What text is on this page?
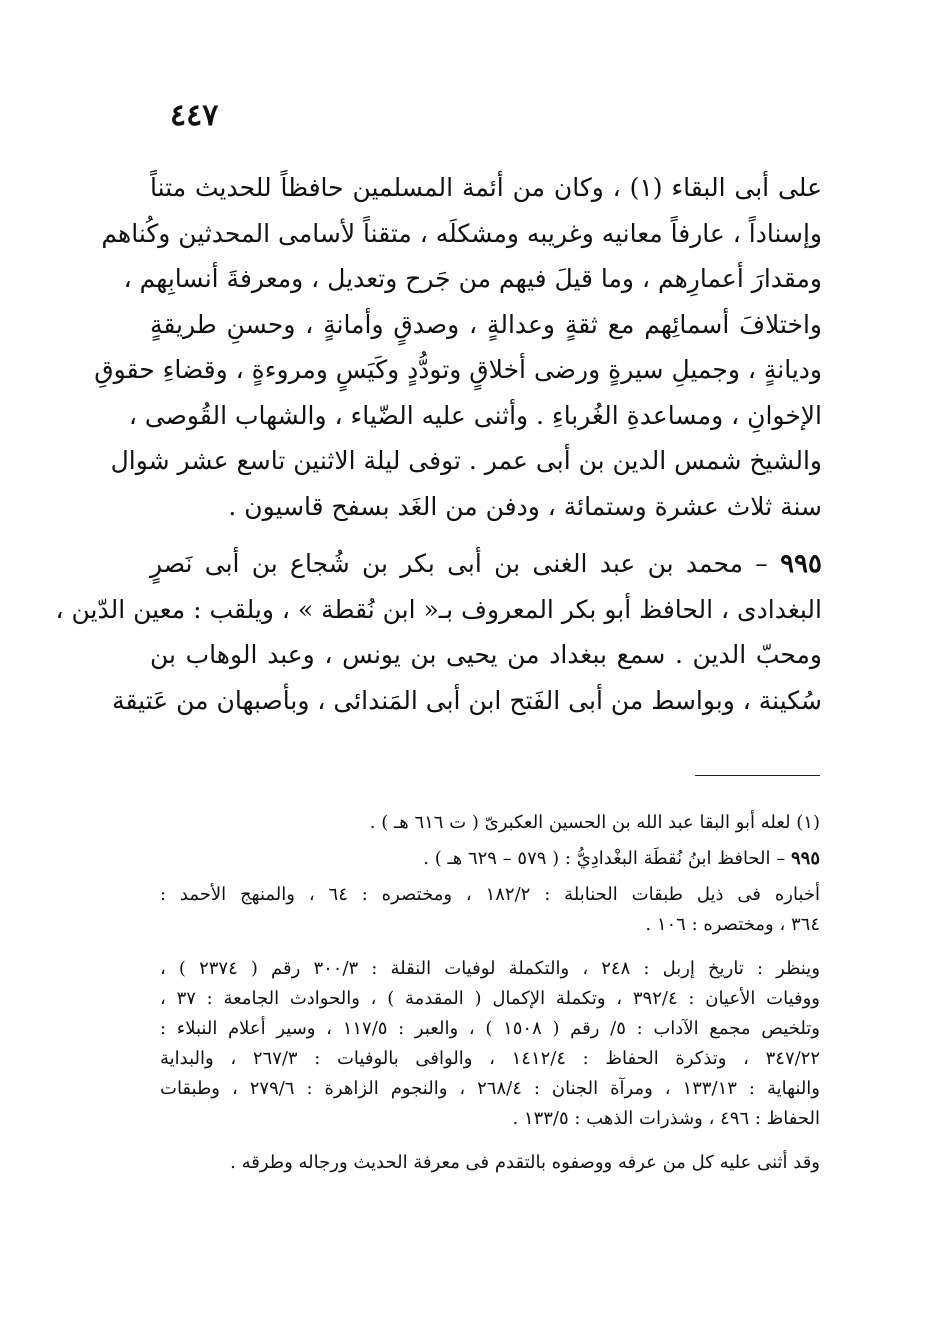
٤٤٧
على أبى البقاء (١) ، وكان من أئمة المسلمين حافظاً للحديث متناً
وإسناداً ، عارفاً معانيه وغريبه ومشكلَه ، متقناً لأسامى المحدثين وكُناهم
ومقدارَ أعمارِهم ، وما قيلَ فيهم من جَرح وتعديل ، ومعرفةَ أنسابِهم ،
واختلافَ أسمائِهم مع ثقةٍ وعدالةٍ ، وصدقٍ وأمانةٍ ، وحسنِ طريقةٍ
وديانةٍ ، وجميلِ سيرةٍ ورضى أخلاقٍ وتودُّدٍ وكَيَسٍ ومروءةٍ ، وقضاءِ حقوقِ
الإخوانِ ، ومساعدةِ الغُرباءِ . وأثنى عليه الضّياء ، والشهاب القُوصى ،
والشيخ شمس الدين بن أبى عمر . توفى ليلة الاثنين تاسع عشر شوال
سنة ثلاث عشرة وستمائة ، ودفن من الغَد بسفح قاسيون .
٩٩٥ – محمد بن عبد الغنى بن أبى بكر بن شُجاع بن أبى نَصرٍ
البغدادى ، الحافظ أبو بكر المعروف بـ« ابن نُقطة » ، ويلقب : معين الدّين ،
ومحبّ الدين . سمع ببغداد من يحيى بن يونس ، وعبد الوهاب بن
سُكينة ، وبواسط من أبى الفَتح ابن أبى المَندائى ، وبأصبهان من عَتيقة
(١) لعله أبو البقا عبد الله بن الحسين العكبرىّ ( ت ٦١٦ هـ ) .
٩٩٥ – الحافظ ابنُ نُقطَة البغْدادِيُّ : ( ٥٧٩ – ٦٢٩ هـ ) .
أخباره فى ذيل طبقات الحنابلة : ١٨٢/٢ ، ومختصره : ٦٤ ، والمنهج الأحمد :
٣٦٤ ، ومختصره : ١٠٦ .
وينظر : تاريخ إربل : ٢٤٨ ، والتكملة لوفيات النقلة : ٣٠٠/٣ رقم ( ٢٣٧٤ ) ،
ووفيات الأعيان : ٣٩٢/٤ ، وتكملة الإكمال ( المقدمة ) ، والحوادث الجامعة : ٣٧ ،
وتلخيص مجمع الآداب : ٥/ رقم ( ١٥٠٨ ) ، والعبر : ١١٧/٥ ، وسير أعلام النبلاء :
٣٤٧/٢٢ ، وتذكرة الحفاظ : ١٤١٢/٤ ، والوافى بالوفيات : ٢٦٧/٣ ، والبداية
والنهاية : ١٣٣/١٣ ، ومرآة الجنان : ٢٦٨/٤ ، والنجوم الزاهرة : ٢٧٩/٦ ، وطبقات
الحفاظ : ٤٩٦ ، وشذرات الذهب : ١٣٣/٥ .
وقد أثنى عليه كل من عرفه ووصفوه بالتقدم فى معرفة الحديث ورجاله وطرقه .
